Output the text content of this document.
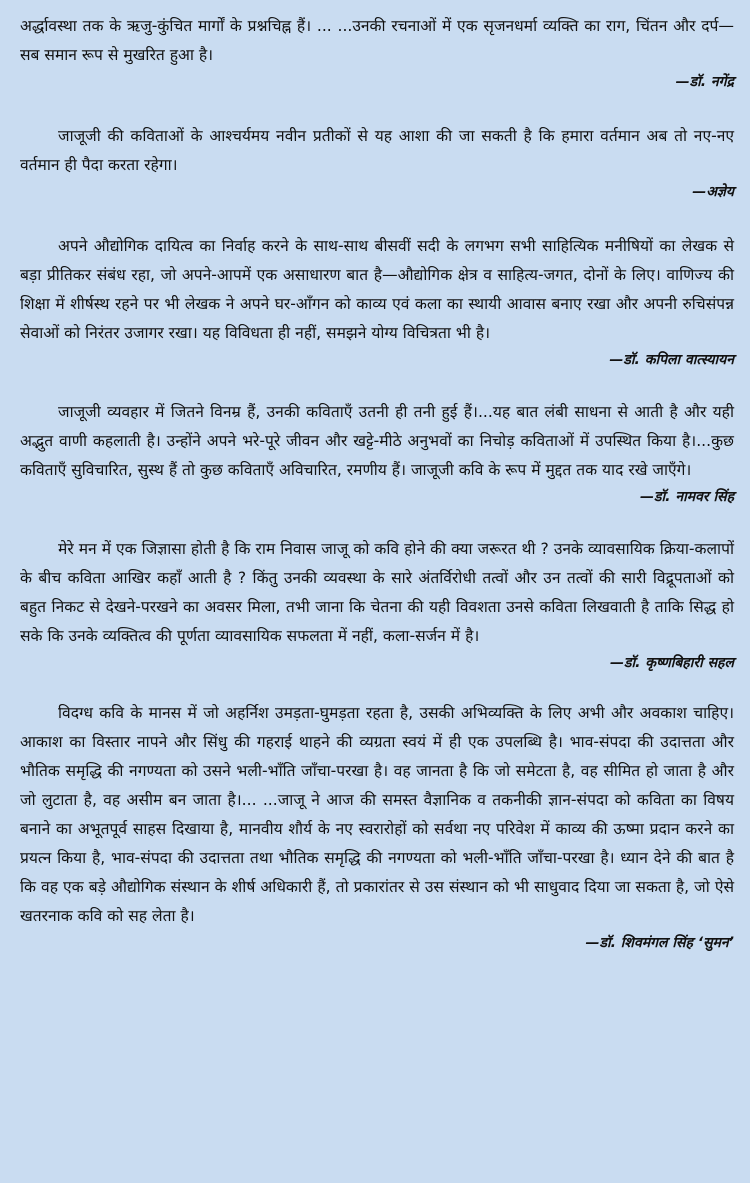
अर्द्धावस्था तक के ऋजु-कुंचित मार्गों के प्रश्नचिह्न हैं। ... ...उनकी रचनाओं में एक सृजनधर्मा व्यक्ति का राग, चिंतन और दर्प—सब समान रूप से मुखरित हुआ है।

—डॉ. नगेंद्र

जाजूजी की कविताओं के आश्चर्यमय नवीन प्रतीकों से यह आशा की जा सकती है कि हमारा वर्तमान अब तो नए-नए वर्तमान ही पैदा करता रहेगा।

—अज्ञेय

अपने औद्योगिक दायित्व का निर्वाह करने के साथ-साथ बीसवीं सदी के लगभग सभी साहित्यिक मनीषियों का लेखक से बड़ा प्रीतिकर संबंध रहा, जो अपने-आपमें एक असाधारण बात है—औद्योगिक क्षेत्र व साहित्य-जगत, दोनों के लिए। वाणिज्य की शिक्षा में शीर्षस्थ रहने पर भी लेखक ने अपने घर-आँगन को काव्य एवं कला का स्थायी आवास बनाए रखा और अपनी रुचिसंपन्न सेवाओं को निरंतर उजागर रखा। यह विविधता ही नहीं, समझने योग्य विचित्रता भी है।

—डॉ. कपिला वात्स्यायन

जाजूजी व्यवहार में जितने विनम्र हैं, उनकी कविताएँ उतनी ही तनी हुई हैं।...यह बात लंबी साधना से आती है और यही अद्भुत वाणी कहलाती है। उन्होंने अपने भरे-पूरे जीवन और खट्टे-मीठे अनुभवों का निचोड़ कविताओं में उपस्थित किया है।...कुछ कविताएँ सुविचारित, सुस्थ हैं तो कुछ कविताएँ अविचारित, रमणीय हैं। जाजूजी कवि के रूप में मुद्दत तक याद रखे जाएँगे।

—डॉ. नामवर सिंह

मेरे मन में एक जिज्ञासा होती है कि राम निवास जाजू को कवि होने की क्या जरूरत थी ? उनके व्यावसायिक क्रिया-कलापों के बीच कविता आखिर कहाँ आती है ? किंतु उनकी व्यवस्था के सारे अंतर्विरोधी तत्वों और उन तत्वों की सारी विद्रूपताओं को बहुत निकट से देखने-परखने का अवसर मिला, तभी जाना कि चेतना की यही विवशता उनसे कविता लिखवाती है ताकि सिद्ध हो सके कि उनके व्यक्तित्व की पूर्णता व्यावसायिक सफलता में नहीं, कला-सर्जन में है।

—डॉ. कृष्णबिहारी सहल

विदग्ध कवि के मानस में जो अहर्निश उमड़ता-घुमड़ता रहता है, उसकी अभिव्यक्ति के लिए अभी और अवकाश चाहिए। आकाश का विस्तार नापने और सिंधु की गहराई थाहने की व्यग्रता स्वयं में ही एक उपलब्धि है। भाव-संपदा की उदात्तता और भौतिक समृद्धि की नगण्यता को उसने भली-भाँति जाँचा-परखा है। वह जानता है कि जो समेटता है, वह सीमित हो जाता है और जो लुटाता है, वह असीम बन जाता है।... ...जाजू ने आज की समस्त वैज्ञानिक व तकनीकी ज्ञान-संपदा को कविता का विषय बनाने का अभूतपूर्व साहस दिखाया है, मानवीय शौर्य के नए स्वरारोहों को सर्वथा नए परिवेश में काव्य की ऊष्मा प्रदान करने का प्रयत्न किया है, भाव-संपदा की उदात्तता तथा भौतिक समृद्धि की नगण्यता को भली-भाँति जाँचा-परखा है। ध्यान देने की बात है कि वह एक बड़े औद्योगिक संस्थान के शीर्ष अधिकारी हैं, तो प्रकारांतर से उस संस्थान को भी साधुवाद दिया जा सकता है, जो ऐसे खतरनाक कवि को सह लेता है।

—डॉ. शिवमंगल सिंह ‘सुमन’
